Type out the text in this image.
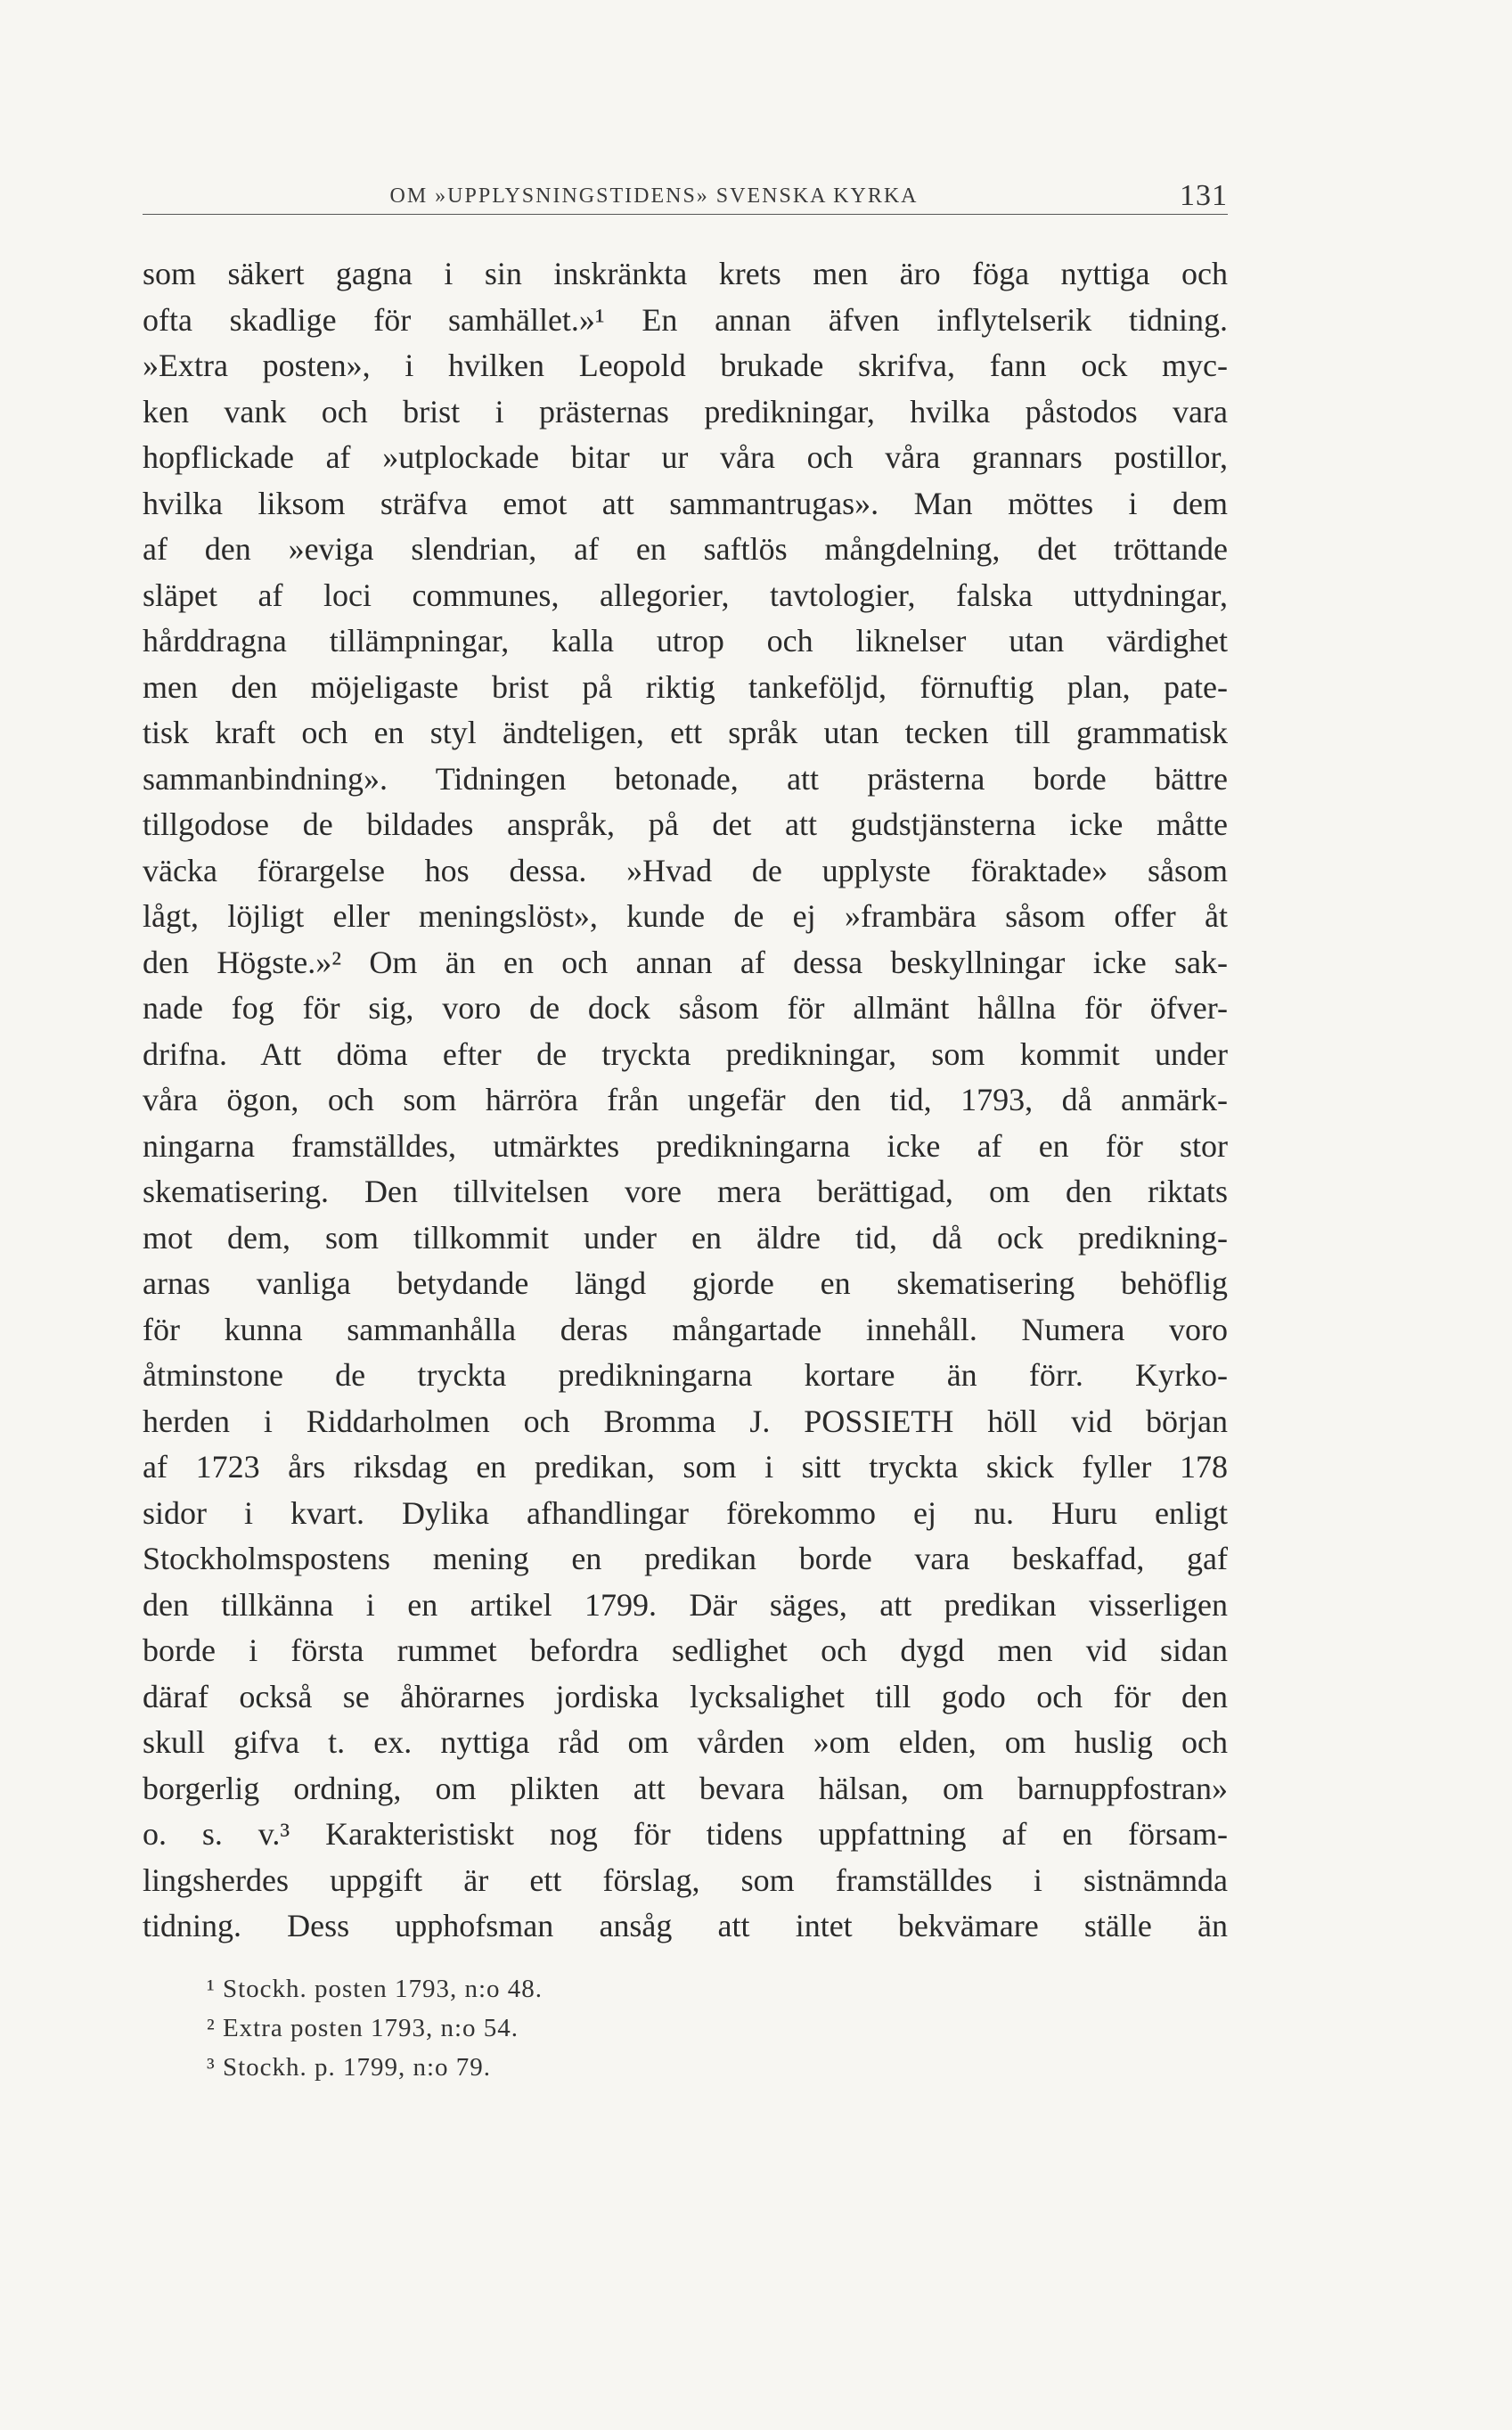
OM »UPPLYSNINGSTIDENS» SVENSKA KYRKA	131
som säkert gagna i sin inskränkta krets men äro föga nyttiga och
ofta skadlige för samhället.»¹ En annan äfven inflytelserik tidning.
»Extra posten», i hvilken Leopold brukade skrifva, fann ock myc-
ken vank och brist i prästernas predikningar, hvilka påstodos vara
hopflickade af »utplockade bitar ur våra och våra grannars postillor,
hvilka liksom sträfva emot att sammantrugas». Man möttes i dem
af den »eviga slendrian, af en saftlös mångdelning, det tröttande
släpet af loci communes, allegorier, tavtologier, falska uttydningar,
hårddragna tillämpningar, kalla utrop och liknelser utan värdighet
men den möjeligaste brist på riktig tankeföljd, förnuftig plan, pate-
tisk kraft och en styl ändteligen, ett språk utan tecken till grammatisk
sammanbindning». Tidningen betonade, att prästerna borde bättre
tillgodose de bildades anspråk, på det att gudstjänsterna icke måtte
väcka förargelse hos dessa. »Hvad de upplyste föraktade» såsom
lågt, löjligt eller meningslöst», kunde de ej »frambära såsom offer åt
den Högste.»² Om än en och annan af dessa beskyllningar icke sak-
nade fog för sig, voro de dock såsom för allmänt hållna för öfver-
drifna. Att döma efter de tryckta predikningar, som kommit under
våra ögon, och som härröra från ungefär den tid, 1793, då anmärk-
ningarna framställdes, utmärktes predikningarna icke af en för stor
skematisering. Den tillvitelsen vore mera berättigad, om den riktats
mot dem, som tillkommit under en äldre tid, då ock predikning-
arnas vanliga betydande längd gjorde en skematisering behöflig
för kunna sammanhålla deras mångartade innehåll. Numera voro
åtminstone de tryckta predikningarna kortare än förr. Kyrko-
herden i Riddarholmen och Bromma J. POSSIETH höll vid början
af 1723 års riksdag en predikan, som i sitt tryckta skick fyller 178
sidor i kvart. Dylika afhandlingar förekommo ej nu. Huru enligt
Stockholmspostens mening en predikan borde vara beskaffad, gaf
den tillkänna i en artikel 1799. Där säges, att predikan visserligen
borde i första rummet befordra sedlighet och dygd men vid sidan
däraf också se åhörarnes jordiska lycksalighet till godo och för den
skull gifva t. ex. nyttiga råd om vården »om elden, om huslig och
borgerlig ordning, om plikten att bevara hälsan, om barnuppfostran»
o. s. v.³ Karakteristiskt nog för tidens uppfattning af en försam-
lingsherdes uppgift är ett förslag, som framställdes i sistnämnda
tidning. Dess upphofsman ansåg att intet bekvämare ställe än
¹ Stockh. posten 1793, n:o 48.
² Extra posten 1793, n:o 54.
³ Stockh. p. 1799, n:o 79.
